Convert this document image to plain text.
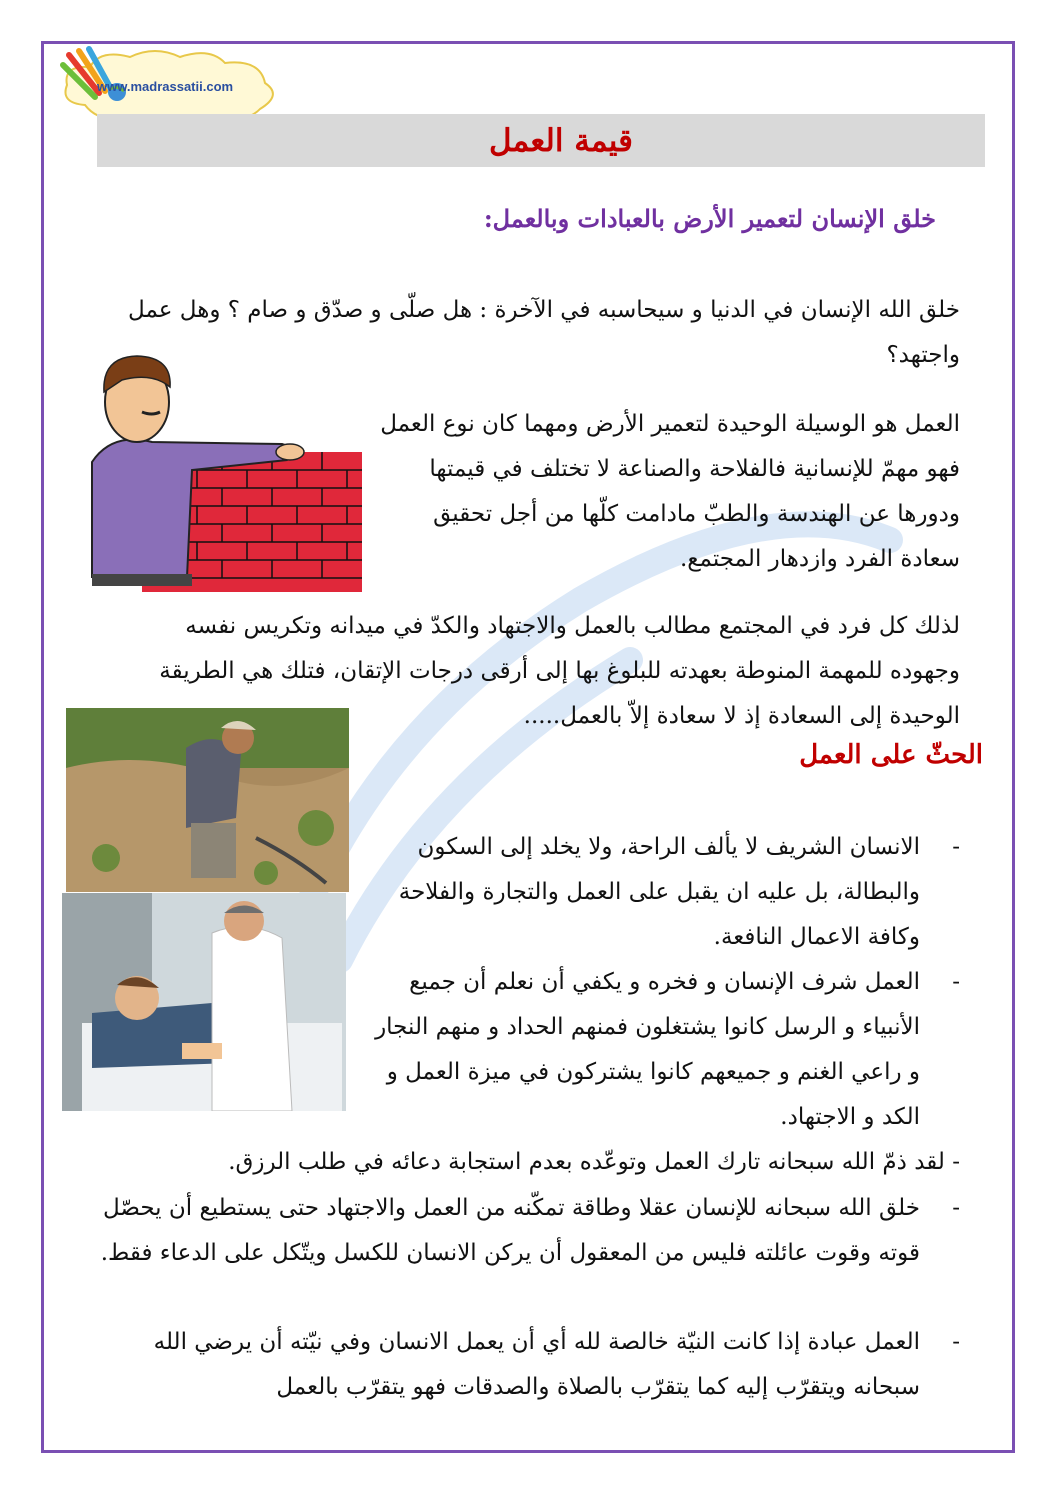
www.madrassatii.com
قيمة العمل
خلق الإنسان لتعمير الأرض بالعبادات وبالعمل:
خلق الله الإنسان في الدنيا و سيحاسبه في الآخرة : هل صلّى و صدّق و صام ؟ وهل عمل واجتهد؟
العمل هو الوسيلة الوحيدة لتعمير الأرض ومهما كان نوع العمل فهو مهمّ للإنسانية فالفلاحة والصناعة لا تختلف في قيمتها ودورها عن الهندسة والطبّ مادامت كلّها من أجل تحقيق سعادة الفرد وازدهار المجتمع.
لذلك كل فرد في المجتمع مطالب بالعمل والاجتهاد والكدّ في ميدانه وتكريس نفسه وجهوده للمهمة المنوطة بعهدته للبلوغ بها إلى أرقى درجات الإتقان، فتلك هي الطريقة الوحيدة إلى السعادة إذ لا سعادة إلاّ بالعمل.....
الحثّ على العمل
-
الانسان الشريف لا يألف الراحة، ولا يخلد إلى السكون والبطالة، بل عليه ان يقبل على العمل والتجارة والفلاحة وكافة الاعمال النافعة.
-
العمل شرف الإنسان و فخره و يكفي أن نعلم أن جميع الأنبياء و الرسل كانوا يشتغلون فمنهم الحداد و منهم النجار و راعي الغنم و جميعهم كانوا يشتركون في ميزة العمل و الكد و الاجتهاد.
- لقد ذمّ الله سبحانه تارك العمل وتوعّده بعدم استجابة دعائه في طلب الرزق.
-
خلق الله سبحانه للإنسان عقلا وطاقة تمكّنه من العمل والاجتهاد حتى يستطيع أن يحصّل قوته وقوت عائلته فليس من المعقول أن يركن الانسان للكسل ويتّكل على الدعاء فقط.
-
العمل عبادة إذا كانت النيّة خالصة لله أي أن يعمل الانسان وفي نيّته أن يرضي الله سبحانه ويتقرّب إليه كما يتقرّب بالصلاة والصدقات فهو يتقرّب بالعمل
